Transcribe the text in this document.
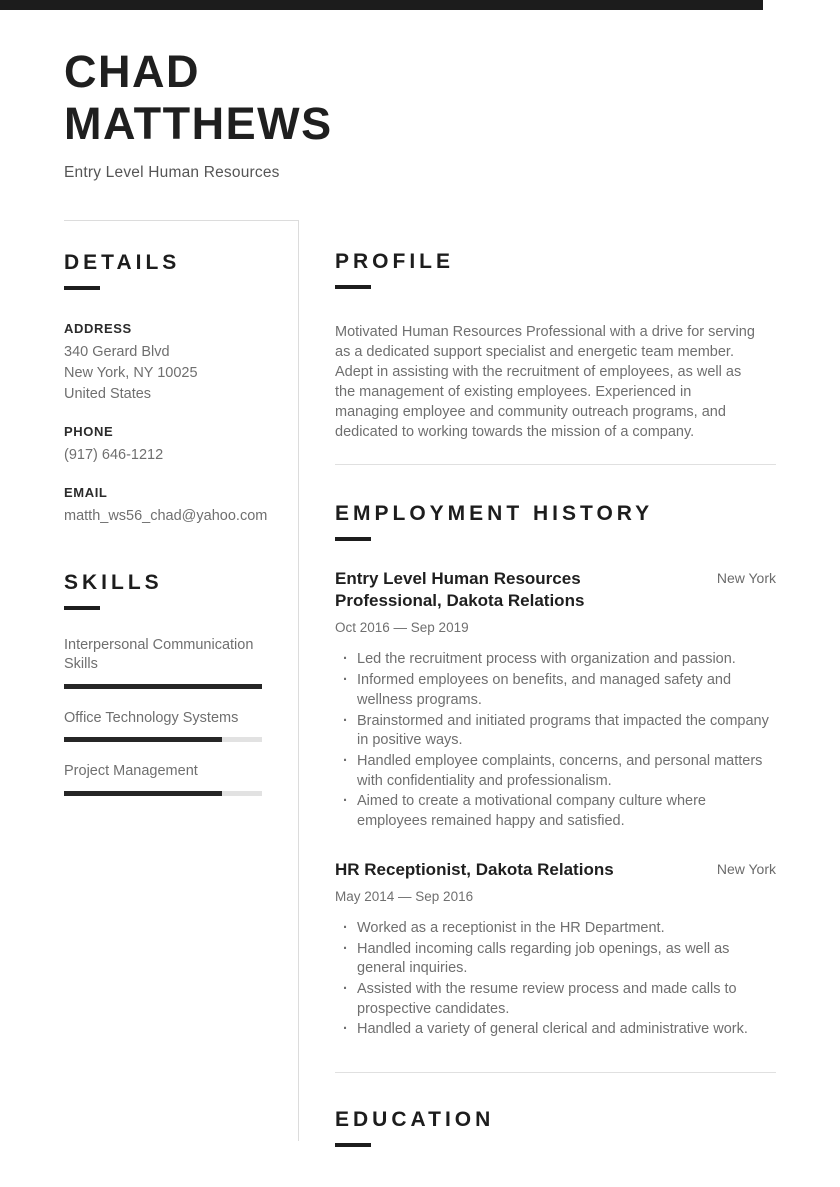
CHAD
MATTHEWS
Entry Level Human Resources
DETAILS
ADDRESS
340 Gerard Blvd
New York, NY 10025
United States
PHONE
(917) 646-1212
EMAIL
matth_ws56_chad@yahoo.com
SKILLS
Interpersonal Communication Skills
Office Technology Systems
Project Management
PROFILE
Motivated Human Resources Professional with a drive for serving as a dedicated support specialist and energetic team member. Adept in assisting with the recruitment of employees, as well as the management of existing employees. Experienced in managing employee and community outreach programs, and dedicated to working towards the mission of a company.
EMPLOYMENT HISTORY
Entry Level Human Resources Professional, Dakota Relations
New York
Oct 2016 — Sep 2019
· Led the recruitment process with organization and passion.
· Informed employees on benefits, and managed safety and wellness programs.
· Brainstormed and initiated programs that impacted the company in positive ways.
· Handled employee complaints, concerns, and personal matters with confidentiality and professionalism.
· Aimed to create a motivational company culture where employees remained happy and satisfied.
HR Receptionist, Dakota Relations	New York
May 2014 — Sep 2016
· Worked as a receptionist in the HR Department.
· Handled incoming calls regarding job openings, as well as general inquiries.
· Assisted with the resume review process and made calls to prospective candidates.
· Handled a variety of general clerical and administrative work.
EDUCATION
